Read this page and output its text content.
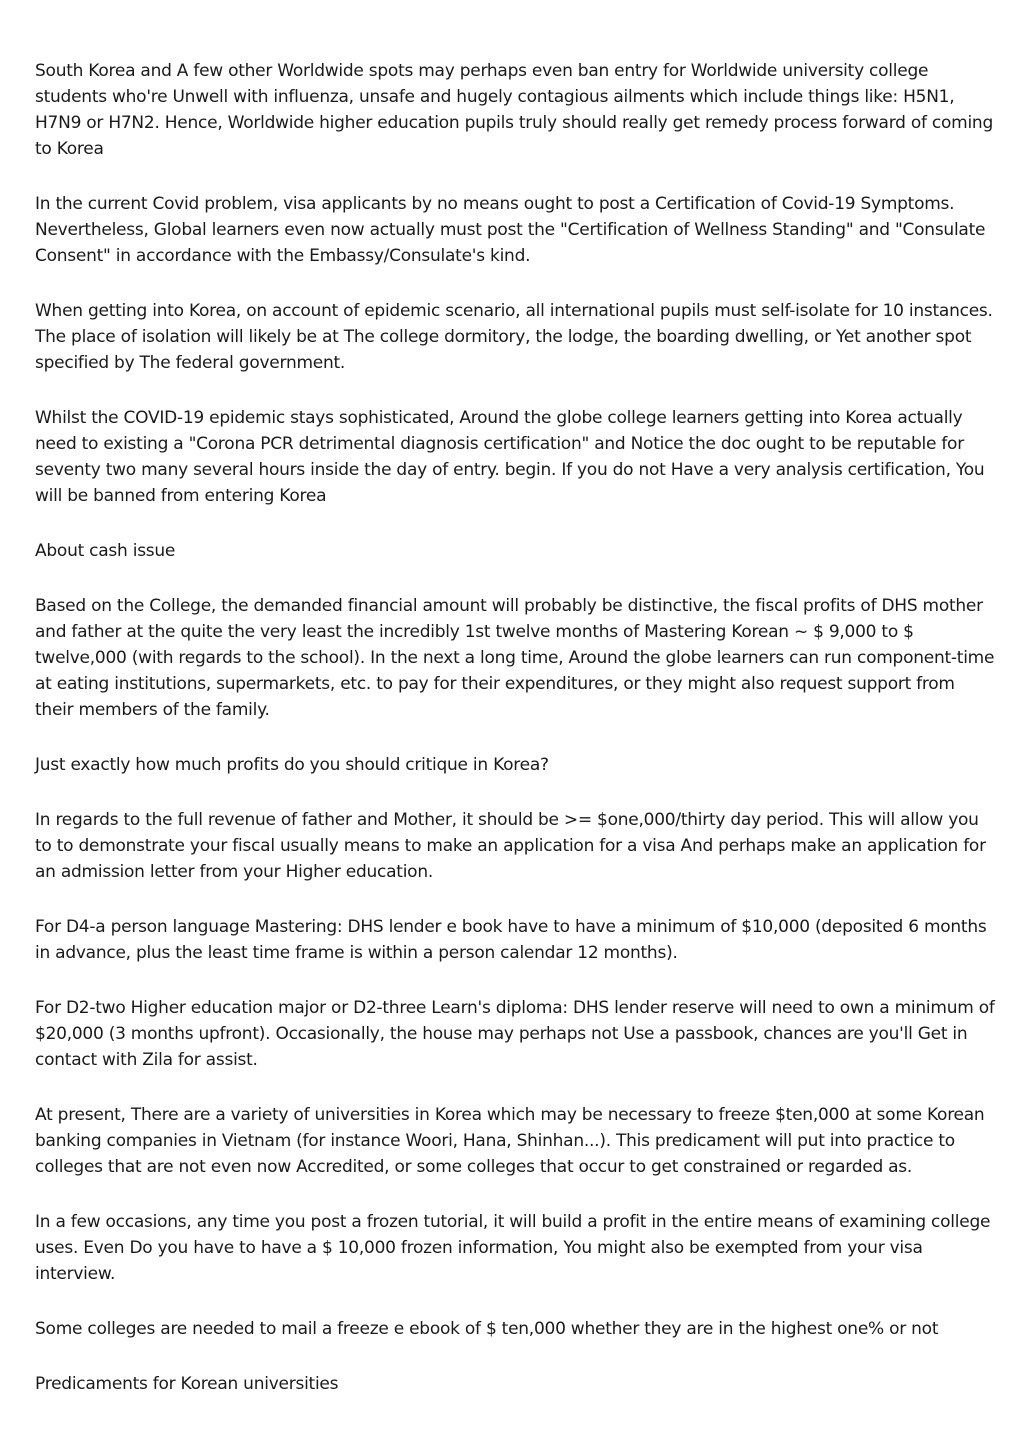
South Korea and A few other Worldwide spots may perhaps even ban entry for Worldwide university college students who're Unwell with influenza, unsafe and hugely contagious ailments which include things like: H5N1, H7N9 or H7N2. Hence, Worldwide higher education pupils truly should really get remedy process forward of coming to Korea

In the current Covid problem, visa applicants by no means ought to post a Certification of Covid-19 Symptoms. Nevertheless, Global learners even now actually must post the "Certification of Wellness Standing" and "Consulate Consent" in accordance with the Embassy/Consulate's kind.

When getting into Korea, on account of epidemic scenario, all international pupils must self-isolate for 10 instances. The place of isolation will likely be at The college dormitory, the lodge, the boarding dwelling, or Yet another spot specified by The federal government.

Whilst the COVID-19 epidemic stays sophisticated, Around the globe college learners getting into Korea actually need to existing a "Corona PCR detrimental diagnosis certification" and Notice the doc ought to be reputable for seventy two many several hours inside the day of entry. begin. If you do not Have a very analysis certification, You will be banned from entering Korea

About cash issue

Based on the College, the demanded financial amount will probably be distinctive, the fiscal profits of DHS mother and father at the quite the very least the incredibly 1st twelve months of Mastering Korean ~ $ 9,000 to $ twelve,000 (with regards to the school). In the next a long time, Around the globe learners can run component-time at eating institutions, supermarkets, etc. to pay for their expenditures, or they might also request support from their members of the family.

Just exactly how much profits do you should critique in Korea?

In regards to the full revenue of father and Mother, it should be >= $one,000/thirty day period. This will allow you to to demonstrate your fiscal usually means to make an application for a visa And perhaps make an application for an admission letter from your Higher education.

For D4-a person language Mastering: DHS lender e book have to have a minimum of $10,000 (deposited 6 months in advance, plus the least time frame is within a person calendar 12 months).

For D2-two Higher education major or D2-three Learn's diploma: DHS lender reserve will need to own a minimum of $20,000 (3 months upfront). Occasionally, the house may perhaps not Use a passbook, chances are you'll Get in contact with Zila for assist.

At present, There are a variety of universities in Korea which may be necessary to freeze $ten,000 at some Korean banking companies in Vietnam (for instance Woori, Hana, Shinhan...). This predicament will put into practice to colleges that are not even now Accredited, or some colleges that occur to get constrained or regarded as.

In a few occasions, any time you post a frozen tutorial, it will build a profit in the entire means of examining college uses. Even Do you have to have a $ 10,000 frozen information, You might also be exempted from your visa interview.

Some colleges are needed to mail a freeze e ebook of $ ten,000 whether they are in the highest one% or not

Predicaments for Korean universities
